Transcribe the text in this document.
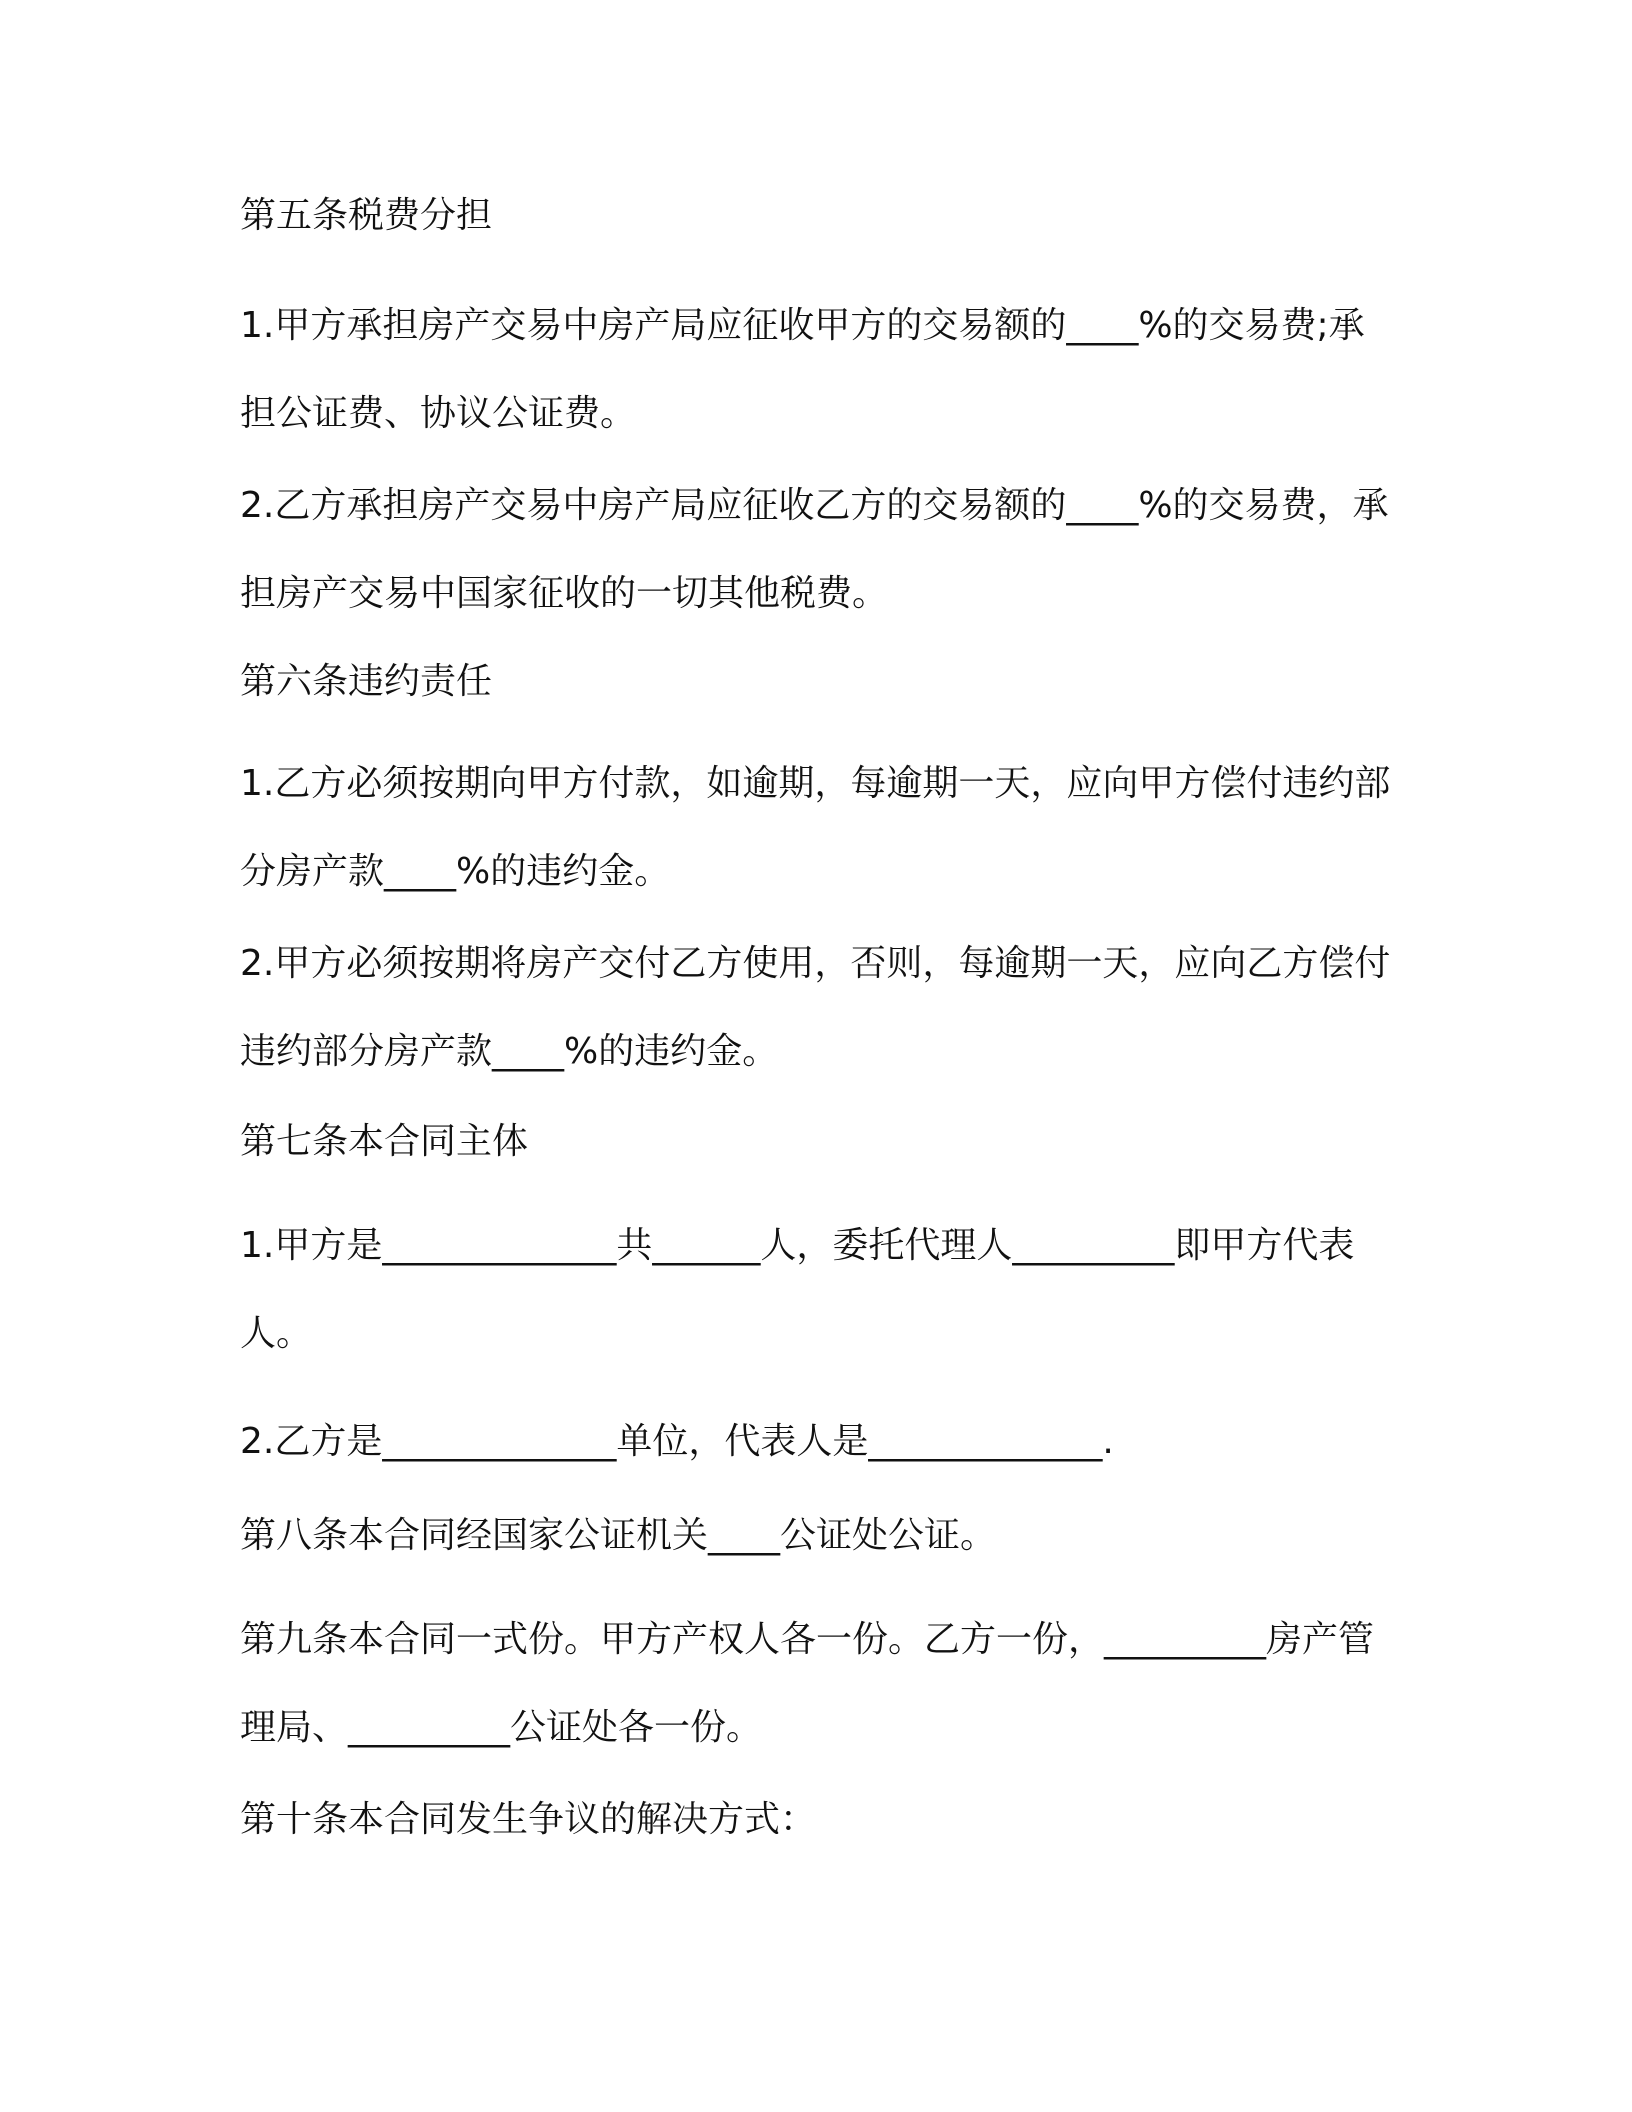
第五条税费分担

1.甲方承担房产交易中房产局应征收甲方的交易额的____%的交易费;承担公证费、协议公证费。

2.乙方承担房产交易中房产局应征收乙方的交易额的____%的交易费，承担房产交易中国家征收的一切其他税费。

第六条违约责任

1.乙方必须按期向甲方付款，如逾期，每逾期一天，应向甲方偿付违约部分房产款____%的违约金。

2.甲方必须按期将房产交付乙方使用，否则，每逾期一天，应向乙方偿付违约部分房产款____%的违约金。

第七条本合同主体

1.甲方是_____________共______人，委托代理人_________即甲方代表人。

2.乙方是_____________单位，代表人是_____________.

第八条本合同经国家公证机关____公证处公证。

第九条本合同一式份。甲方产权人各一份。乙方一份，_________房产管理局、_________公证处各一份。

第十条本合同发生争议的解决方式：
